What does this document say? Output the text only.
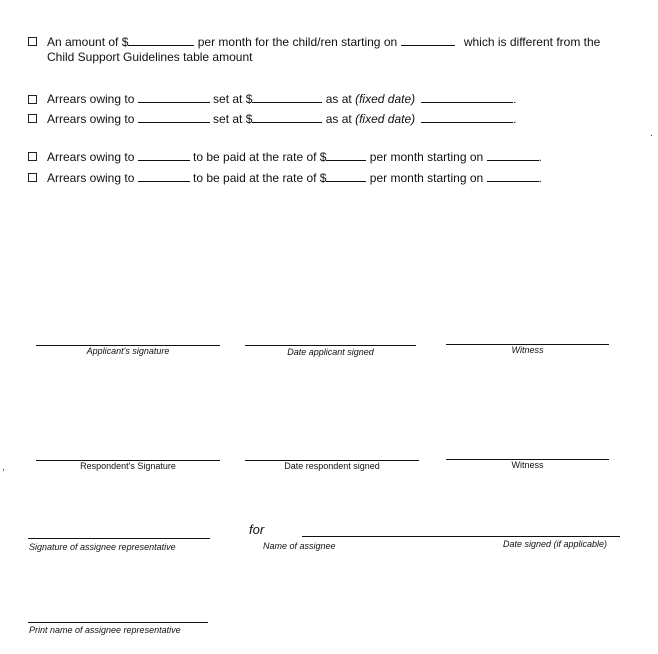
An amount of $	per month for the child/ren starting on	which is different from the
Child Support Guidelines table amount
Arrears owing to	set at $	as at (fixed date)	.
Arrears owing to	set at $	as at (fixed date)	.
Arrears owing to	to be paid at the rate of $	per month starting on	.
Arrears owing to	to be paid at the rate of $	per month starting on	.
.
,
Applicant's signature	Date applicant signed	Witness
Respondent's Signature	Date respondent signed	Witness
Signature of assignee representative
for
Name of assignee	Date signed (if applicable)
Print name of assignee representative
